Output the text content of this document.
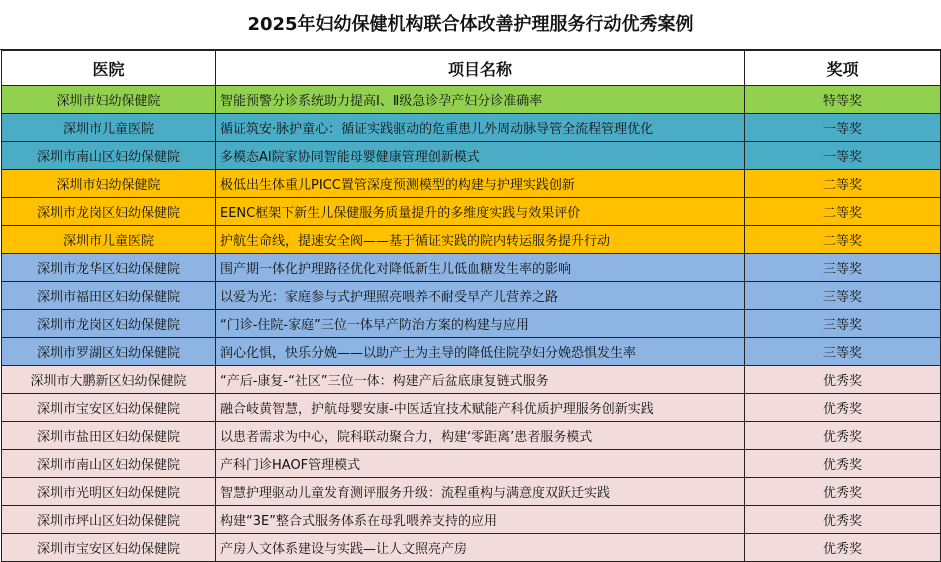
2025年妇幼保健机构联合体改善护理服务行动优秀案例
医院	项目名称	奖项
深圳市妇幼保健院	智能预警分诊系统助力提高Ⅰ、Ⅱ级急诊孕产妇分诊准确率	特等奖
深圳市儿童医院	循证筑安·脉护童心：循证实践驱动的危重患儿外周动脉导管全流程管理优化	一等奖
深圳市南山区妇幼保健院	多模态AI院家协同智能母婴健康管理创新模式	一等奖
深圳市妇幼保健院	极低出生体重儿PICC置管深度预测模型的构建与护理实践创新	二等奖
深圳市龙岗区妇幼保健院	EENC框架下新生儿保健服务质量提升的多维度实践与效果评价	二等奖
深圳市儿童医院	护航生命线，提速安全阀——基于循证实践的院内转运服务提升行动	二等奖
深圳市龙华区妇幼保健院	围产期一体化护理路径优化对降低新生儿低血糖发生率的影响	三等奖
深圳市福田区妇幼保健院	以爱为光：家庭参与式护理照亮喂养不耐受早产儿营养之路	三等奖
深圳市龙岗区妇幼保健院	“门诊-住院-家庭”三位一体早产防治方案的构建与应用	三等奖
深圳市罗湖区妇幼保健院	润心化惧，快乐分娩——以助产士为主导的降低住院孕妇分娩恐惧发生率	三等奖
深圳市大鹏新区妇幼保健院	“产后-康复-“社区”三位一体：构建产后盆底康复链式服务	优秀奖
深圳市宝安区妇幼保健院	融合岐黄智慧，护航母婴安康-中医适宜技术赋能产科优质护理服务创新实践	优秀奖
深圳市盐田区妇幼保健院	以患者需求为中心，院科联动聚合力，构建‘零距离’患者服务模式	优秀奖
深圳市南山区妇幼保健院	产科门诊HAOF管理模式	优秀奖
深圳市光明区妇幼保健院	智慧护理驱动儿童发育测评服务升级：流程重构与满意度双跃迁实践	优秀奖
深圳市坪山区妇幼保健院	构建“3E”整合式服务体系在母乳喂养支持的应用	优秀奖
深圳市宝安区妇幼保健院	产房人文体系建设与实践—让人文照亮产房	优秀奖
